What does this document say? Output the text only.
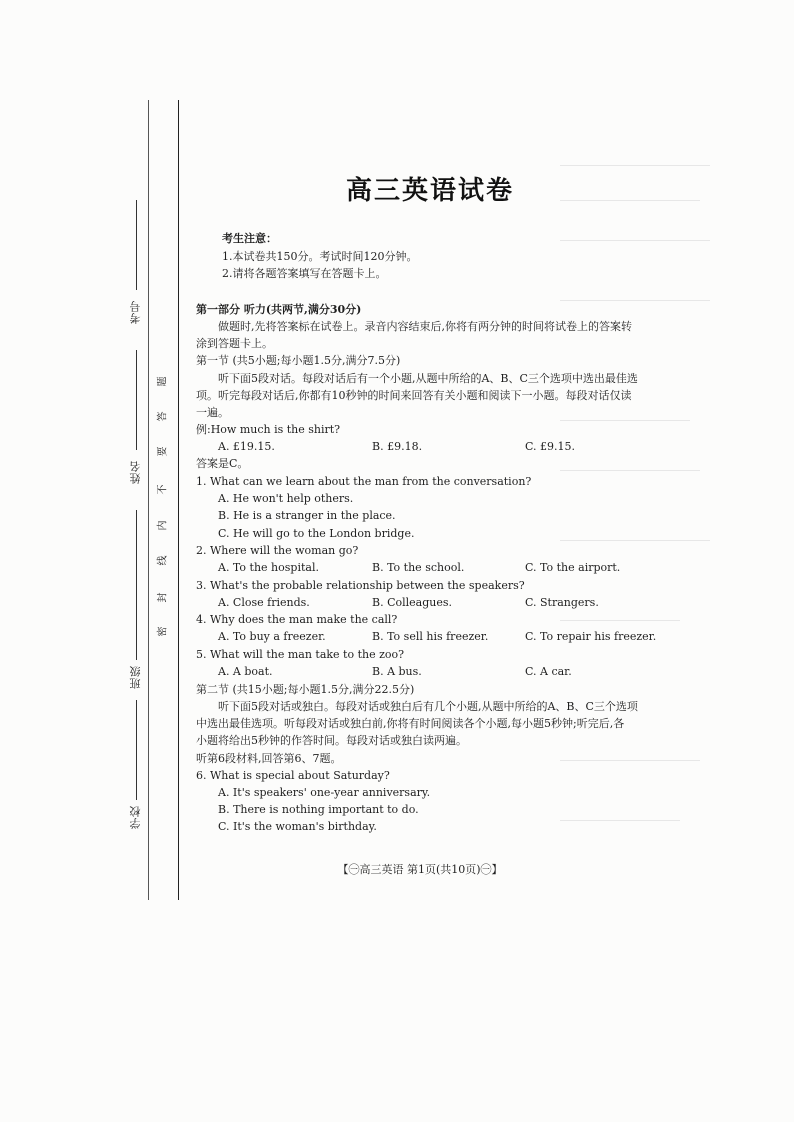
考号
姓名
班级
学校
题
答
要
不
内
线
封
密
高三英语试卷
考生注意：
1.本试卷共150分。考试时间120分钟。
2.请将各题答案填写在答题卡上。
第一部分 听力(共两节,满分30分)
做题时,先将答案标在试卷上。录音内容结束后,你将有两分钟的时间将试卷上的答案转
涂到答题卡上。
第一节 (共5小题;每小题1.5分,满分7.5分)
听下面5段对话。每段对话后有一个小题,从题中所给的A、B、C三个选项中选出最佳选
项。听完每段对话后,你都有10秒钟的时间来回答有关小题和阅读下一小题。每段对话仅读
一遍。
例:How much is the shirt?
A. £19.15.	B. £9.18.	C. £9.15.
答案是C。
1. What can we learn about the man from the conversation?
A. He won't help others.
B. He is a stranger in the place.
C. He will go to the London bridge.
2. Where will the woman go?
A. To the hospital.	B. To the school.	C. To the airport.
3. What's the probable relationship between the speakers?
A. Close friends.	B. Colleagues.	C. Strangers.
4. Why does the man make the call?
A. To buy a freezer.	B. To sell his freezer.	C. To repair his freezer.
5. What will the man take to the zoo?
A. A boat.	B. A bus.	C. A car.
第二节 (共15小题;每小题1.5分,满分22.5分)
听下面5段对话或独白。每段对话或独白后有几个小题,从题中所给的A、B、C三个选项
中选出最佳选项。听每段对话或独白前,你将有时间阅读各个小题,每小题5秒钟;听完后,各
小题将给出5秒钟的作答时间。每段对话或独白读两遍。
听第6段材料,回答第6、7题。
6. What is special about Saturday?
A. It's speakers' one-year anniversary.
B. There is nothing important to do.
C. It's the woman's birthday.
【㊀高三英语 第1页(共10页)㊀】
